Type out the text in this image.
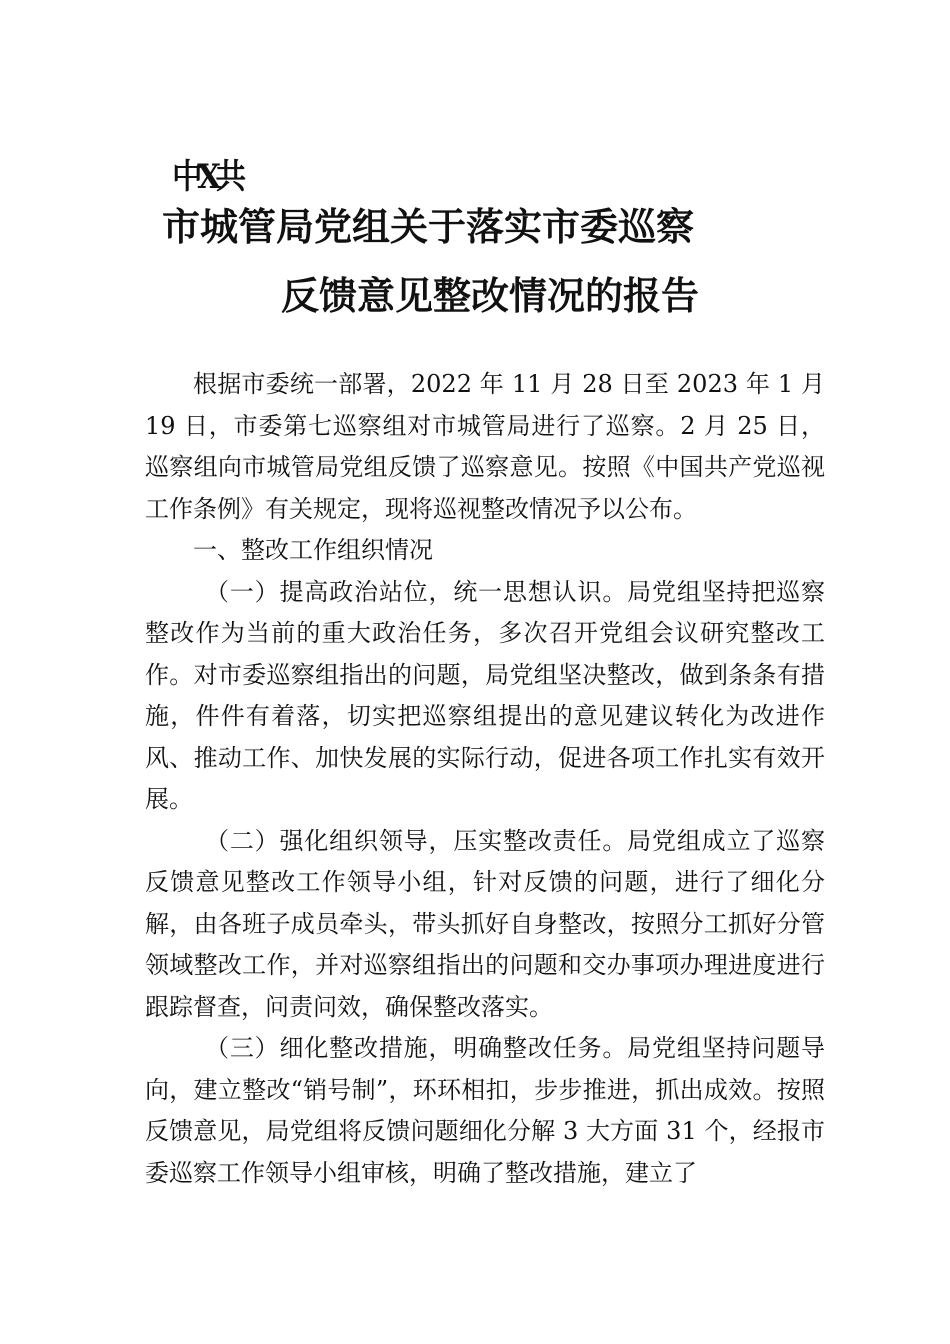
中X共
市城管局党组关于落实市委巡察
反馈意见整改情况的报告

根据市委统一部署，2022 年 11 月 28 日至 2023 年 1 月 19 日，市委第七巡察组对市城管局进行了巡察。2 月 25 日，巡察组向市城管局党组反馈了巡察意见。按照《中国共产党巡视工作条例》有关规定，现将巡视整改情况予以公布。

一、整改工作组织情况

（一）提高政治站位，统一思想认识。局党组坚持把巡察整改作为当前的重大政治任务，多次召开党组会议研究整改工作。对市委巡察组指出的问题，局党组坚决整改，做到条条有措施，件件有着落，切实把巡察组提出的意见建议转化为改进作风、推动工作、加快发展的实际行动，促进各项工作扎实有效开展。

（二）强化组织领导，压实整改责任。局党组成立了巡察反馈意见整改工作领导小组，针对反馈的问题，进行了细化分解，由各班子成员牵头，带头抓好自身整改，按照分工抓好分管领域整改工作，并对巡察组指出的问题和交办事项办理进度进行跟踪督查，问责问效，确保整改落实。

（三）细化整改措施，明确整改任务。局党组坚持问题导向，建立整改“销号制”，环环相扣，步步推进，抓出成效。按照反馈意见，局党组将反馈问题细化分解 3 大方面 31 个，经报市委巡察工作领导小组审核，明确了整改措施，建立了
